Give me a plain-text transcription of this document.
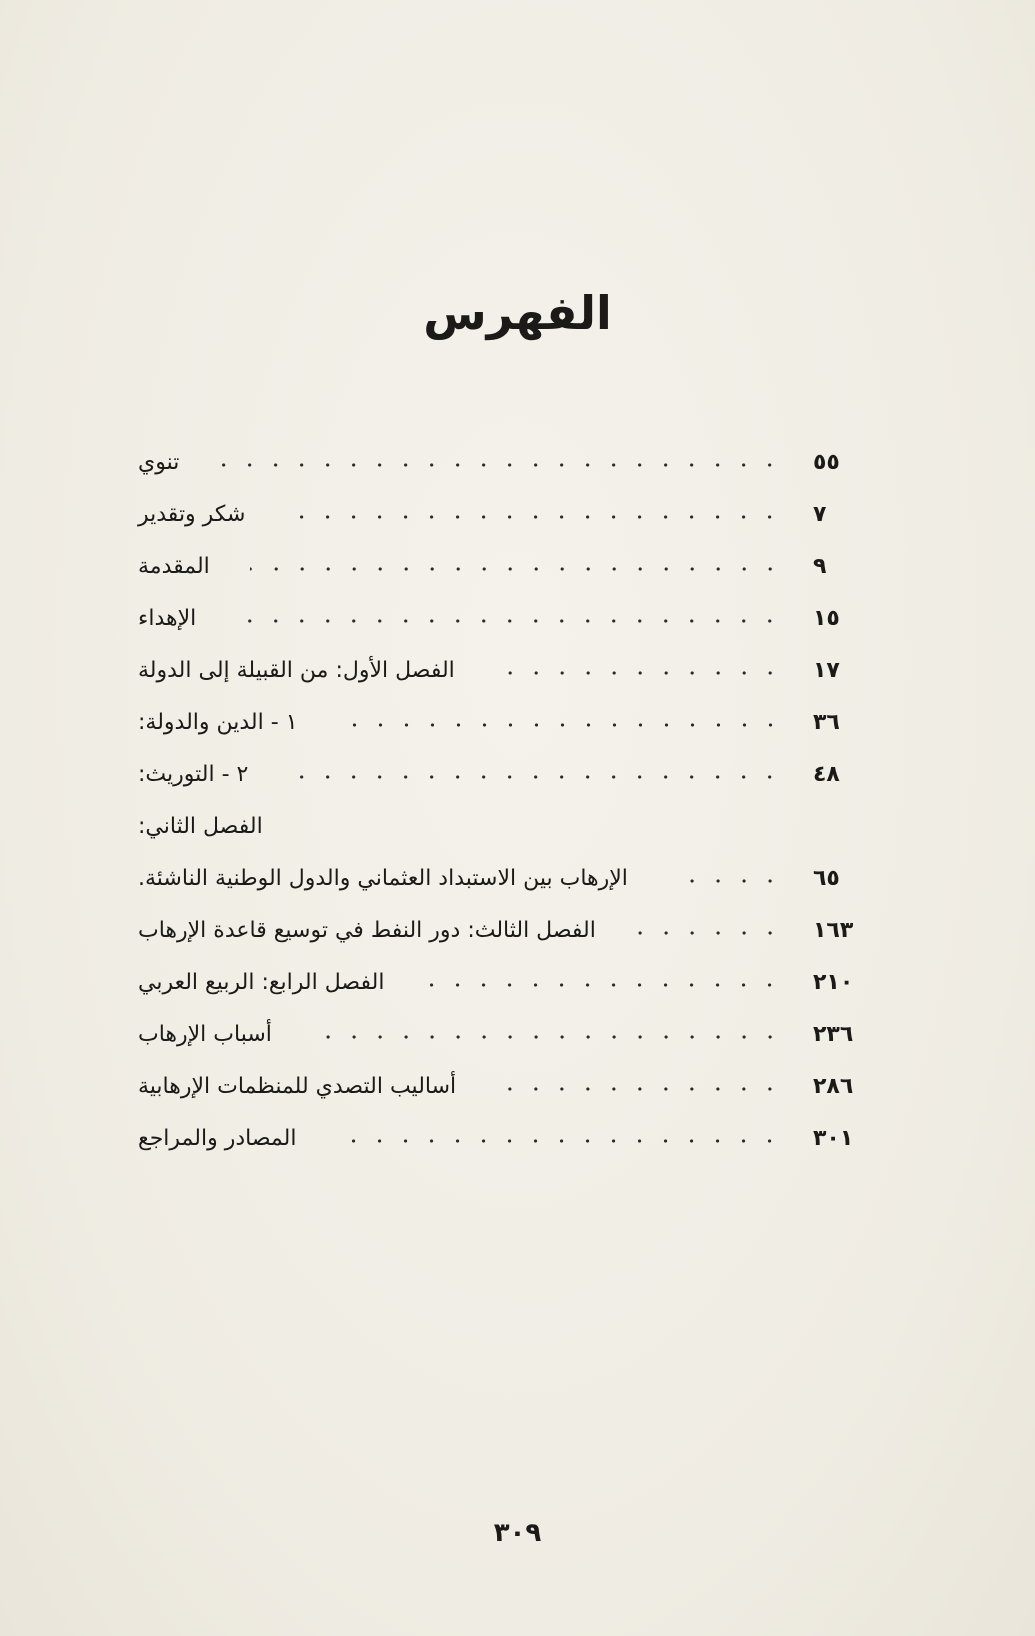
الفهرس
تنوي	٥٥
شكر وتقدير	٧
المقدمة	٩
الإهداء	١٥
الفصل الأول: من القبيلة إلى الدولة	١٧
١ - الدين والدولة:	٣٦
٢ - التوريث:	٤٨
الفصل الثاني:
الإرهاب بين الاستبداد العثماني والدول الوطنية الناشئة.	٦٥
الفصل الثالث: دور النفط في توسيع قاعدة الإرهاب	١٦٣
الفصل الرابع: الربيع العربي	٢١٠
أسباب الإرهاب	٢٣٦
أساليب التصدي للمنظمات الإرهابية	٢٨٦
المصادر والمراجع	٣٠١
٣٠٩
